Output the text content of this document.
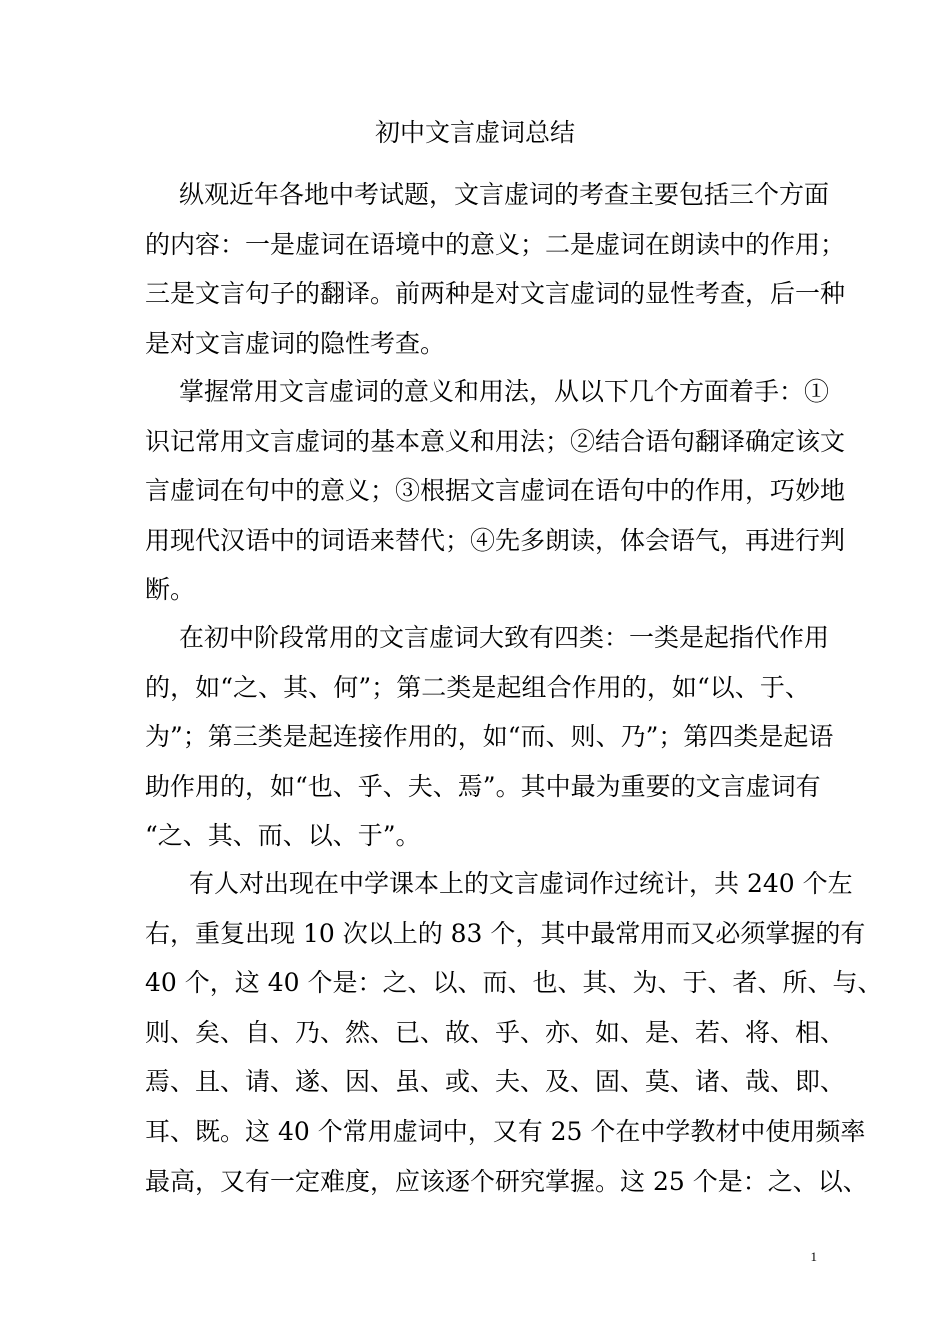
初中文言虚词总结
纵观近年各地中考试题，文言虚词的考查主要包括三个方面
的内容：一是虚词在语境中的意义；二是虚词在朗读中的作用；
三是文言句子的翻译。前两种是对文言虚词的显性考查，后一种
是对文言虚词的隐性考查。
掌握常用文言虚词的意义和用法，从以下几个方面着手：①
识记常用文言虚词的基本意义和用法；②结合语句翻译确定该文
言虚词在句中的意义；③根据文言虚词在语句中的作用，巧妙地
用现代汉语中的词语来替代；④先多朗读，体会语气，再进行判
断。
在初中阶段常用的文言虚词大致有四类：一类是起指代作用
的，如“之、其、何”；第二类是起组合作用的，如“以、于、
为”；第三类是起连接作用的，如“而、则、乃”；第四类是起语
助作用的，如“也、乎、夫、焉”。其中最为重要的文言虚词有
“之、其、而、以、于”。
有人对出现在中学课本上的文言虚词作过统计，共 240 个左
右，重复出现 10 次以上的 83 个，其中最常用而又必须掌握的有
40 个，这 40 个是：之、以、而、也、其、为、于、者、所、与、
则、矣、自、乃、然、已、故、乎、亦、如、是、若、将、相、
焉、且、请、遂、因、虽、或、夫、及、固、莫、诸、哉、即、
耳、既。这 40 个常用虚词中，又有 25 个在中学教材中使用频率
最高，又有一定难度，应该逐个研究掌握。这 25 个是：之、以、
1
